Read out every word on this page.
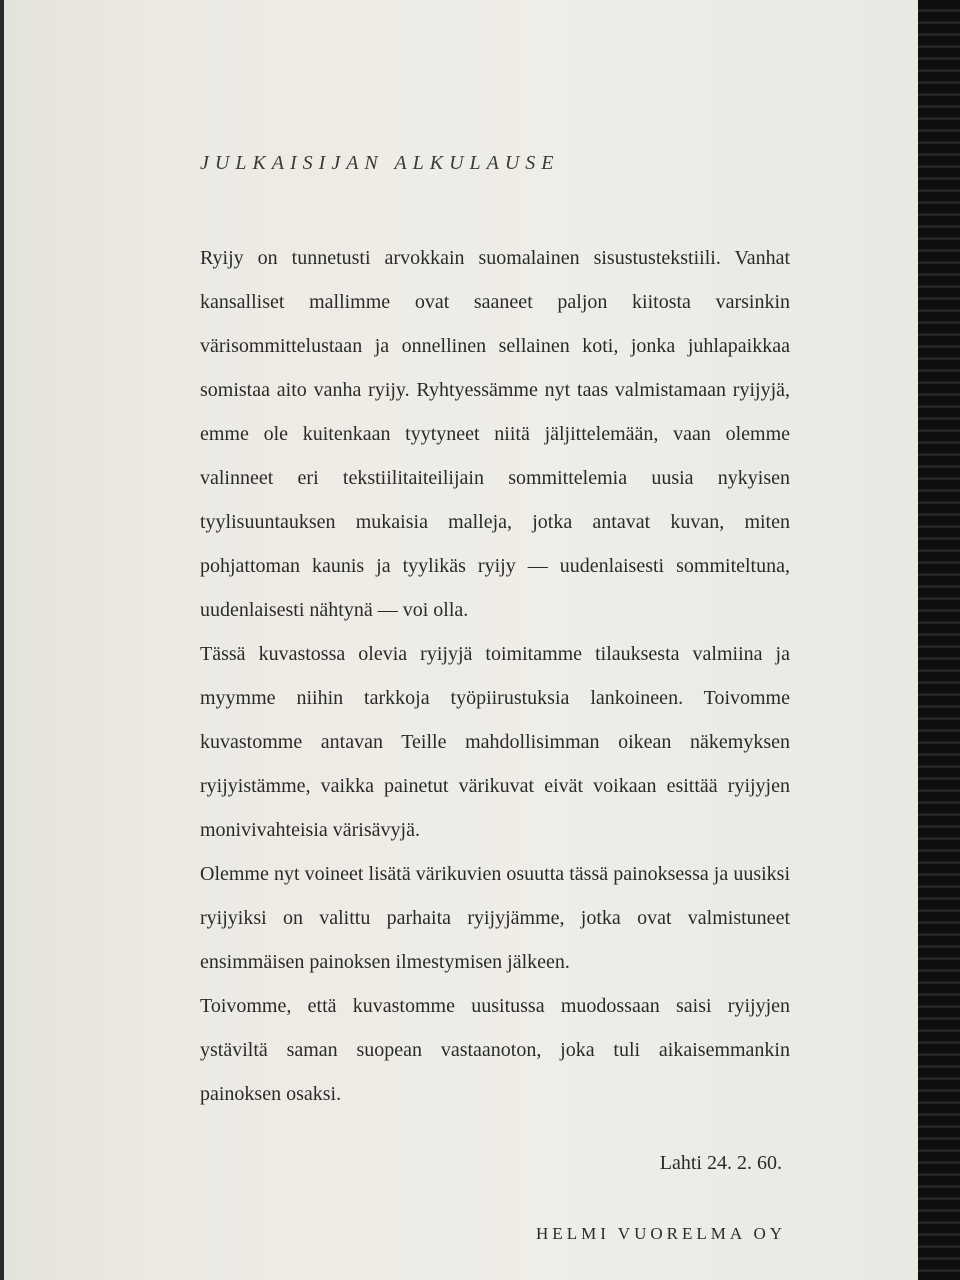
JULKAISIJAN ALKULAUSE

Ryijy on tunnetusti arvokkain suomalainen sisustustekstiili. Vanhat kansalliset mallimme ovat saaneet paljon kiitosta varsinkin värisommittelustaan ja onnellinen sellainen koti, jonka juhlapaikkaa somistaa aito vanha ryijy. Ryhtyessämme nyt taas valmistamaan ryijyjä, emme ole kuitenkaan tyytyneet niitä jäljittelemään, vaan olemme valinneet eri tekstiilitaiteilijain sommittelemia uusia nykyisen tyylisuuntauksen mukaisia malleja, jotka antavat kuvan, miten pohjattoman kaunis ja tyylikäs ryijy — uudenlaisesti sommiteltuna, uudenlaisesti nähtynä — voi olla.

Tässä kuvastossa olevia ryijyjä toimitamme tilauksesta valmiina ja myymme niihin tarkkoja työpiirustuksia lankoineen. Toivomme kuvastomme antavan Teille mahdollisimman oikean näkemyksen ryijyistämme, vaikka painetut värikuvat eivät voikaan esittää ryijyjen monivivahteisia värisävyjä.

Olemme nyt voineet lisätä värikuvien osuutta tässä painoksessa ja uusiksi ryijyiksi on valittu parhaita ryijyjämme, jotka ovat valmistuneet ensimmäisen painoksen ilmestymisen jälkeen.

Toivomme, että kuvastomme uusitussa muodossaan saisi ryijyjen ystäviltä saman suopean vastaanoton, joka tuli aikaisemmankin painoksen osaksi.

Lahti 24. 2. 60.
HELMI VUORELMA OY
